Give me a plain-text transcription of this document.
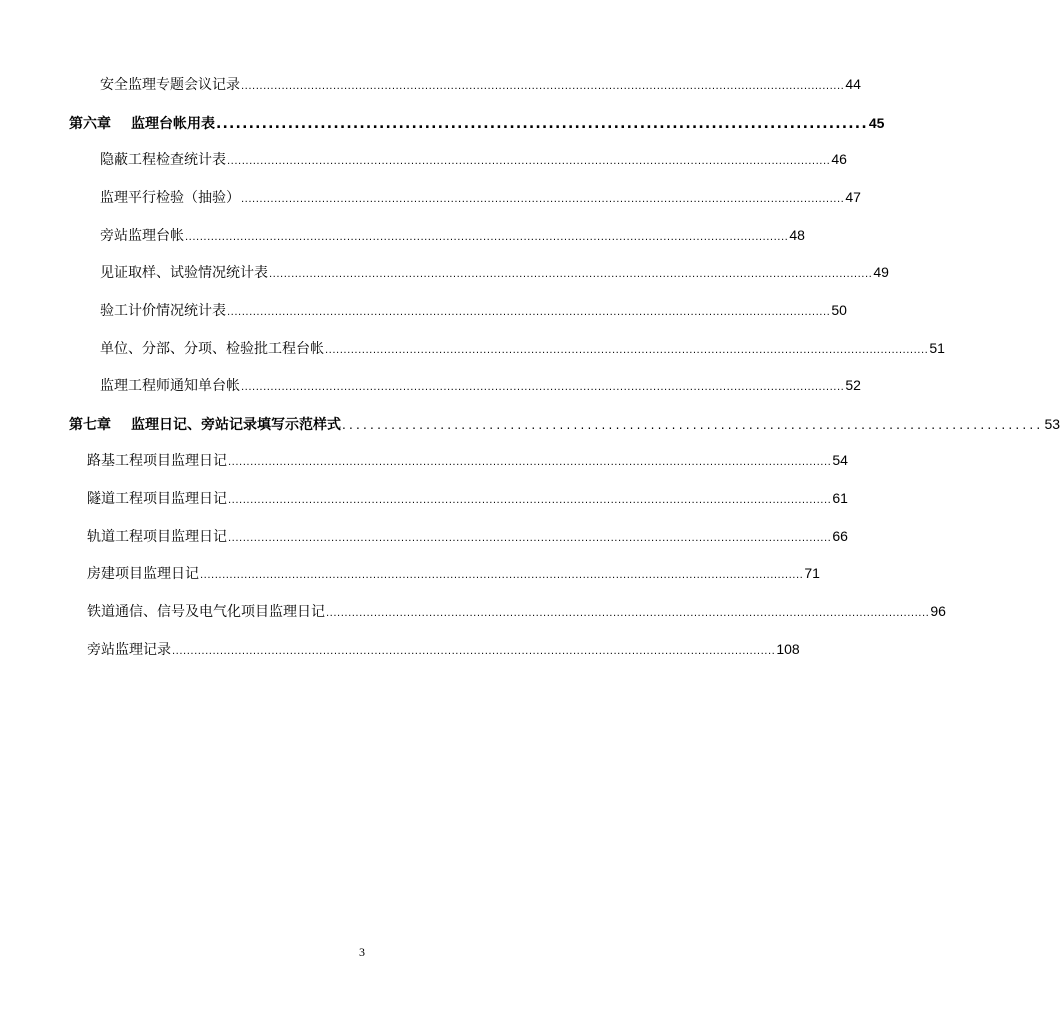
安全监理专题会议记录 .................................................................................................................................................................... 44
第六章 监理台帐用表 .................................................................................................... 45
隐蔽工程检查统计表 .................................................................................................................................................................... 46
监理平行检验（抽验） .................................................................................................................................................................... 47
旁站监理台帐 .................................................................................................................................................................... 48
见证取样、试验情况统计表 .................................................................................................................................................................... 49
验工计价情况统计表 .................................................................................................................................................................... 50
单位、分部、分项、检验批工程台帐 .................................................................................................................................................................... 51
监理工程师通知单台帐 .................................................................................................................................................................... 52
第七章 监理日记、旁站记录填写示范样式 .................................................................................................... 53
路基工程项目监理日记 .................................................................................................................................................................... 54
隧道工程项目监理日记 .................................................................................................................................................................... 61
轨道工程项目监理日记 .................................................................................................................................................................... 66
房建项目监理日记 .................................................................................................................................................................... 71
铁道通信、信号及电气化项目监理日记 .................................................................................................................................................................... 96
旁站监理记录 .................................................................................................................................................................... 108
3
